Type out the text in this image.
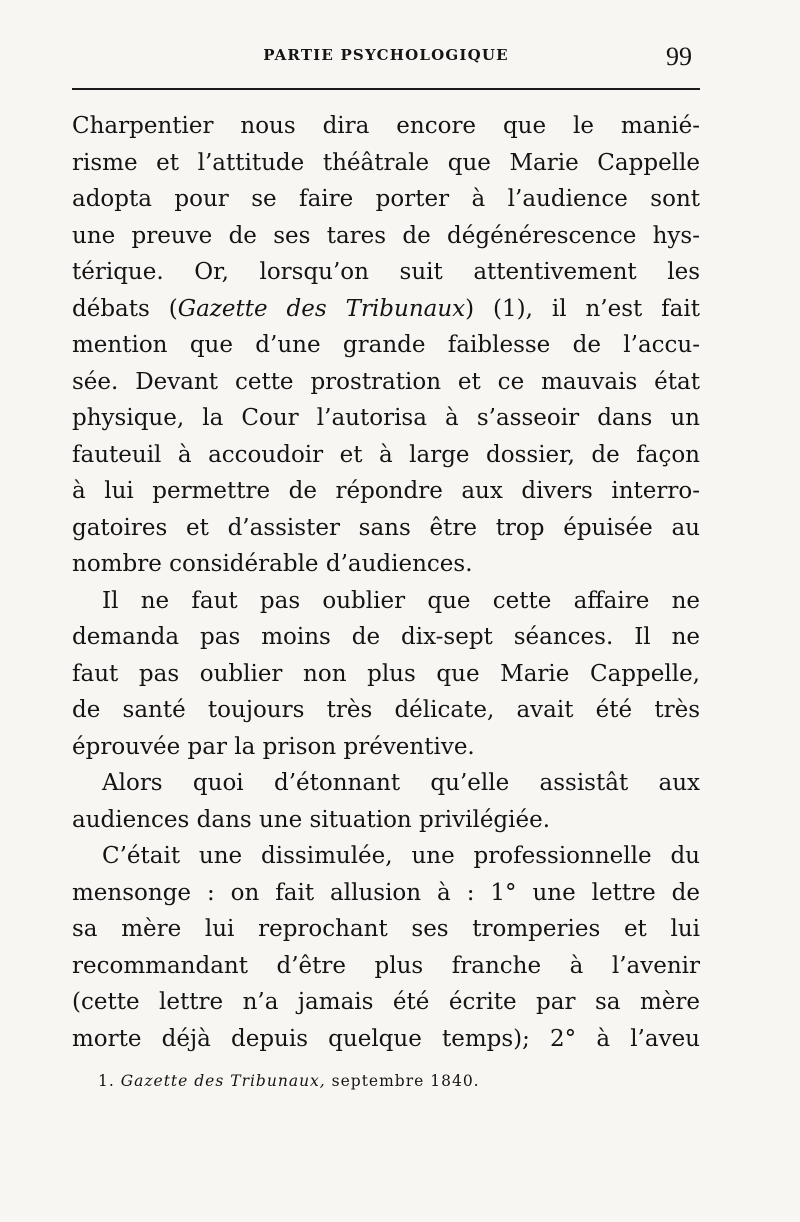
PARTIE PSYCHOLOGIQUE	99
Charpentier nous dira encore que le manié-
risme et l’attitude théâtrale que Marie Cappelle
adopta pour se faire porter à l’audience sont
une preuve de ses tares de dégénérescence hys-
térique. Or, lorsqu’on suit attentivement les
débats (Gazette des Tribunaux) (1), il n’est fait
mention que d’une grande faiblesse de l’accu-
sée. Devant cette prostration et ce mauvais état
physique, la Cour l’autorisa à s’asseoir dans un
fauteuil à accoudoir et à large dossier, de façon
à lui permettre de répondre aux divers interro-
gatoires et d’assister sans être trop épuisée au
nombre considérable d’audiences.
Il ne faut pas oublier que cette affaire ne
demanda pas moins de dix-sept séances. Il ne
faut pas oublier non plus que Marie Cappelle,
de santé toujours très délicate, avait été très
éprouvée par la prison préventive.
Alors quoi d’étonnant qu’elle assistât aux
audiences dans une situation privilégiée.
C’était une dissimulée, une professionnelle du
mensonge : on fait allusion à : 1° une lettre de
sa mère lui reprochant ses tromperies et lui
recommandant d’être plus franche à l’avenir
(cette lettre n’a jamais été écrite par sa mère
morte déjà depuis quelque temps); 2° à l’aveu
1. Gazette des Tribunaux, septembre 1840.
